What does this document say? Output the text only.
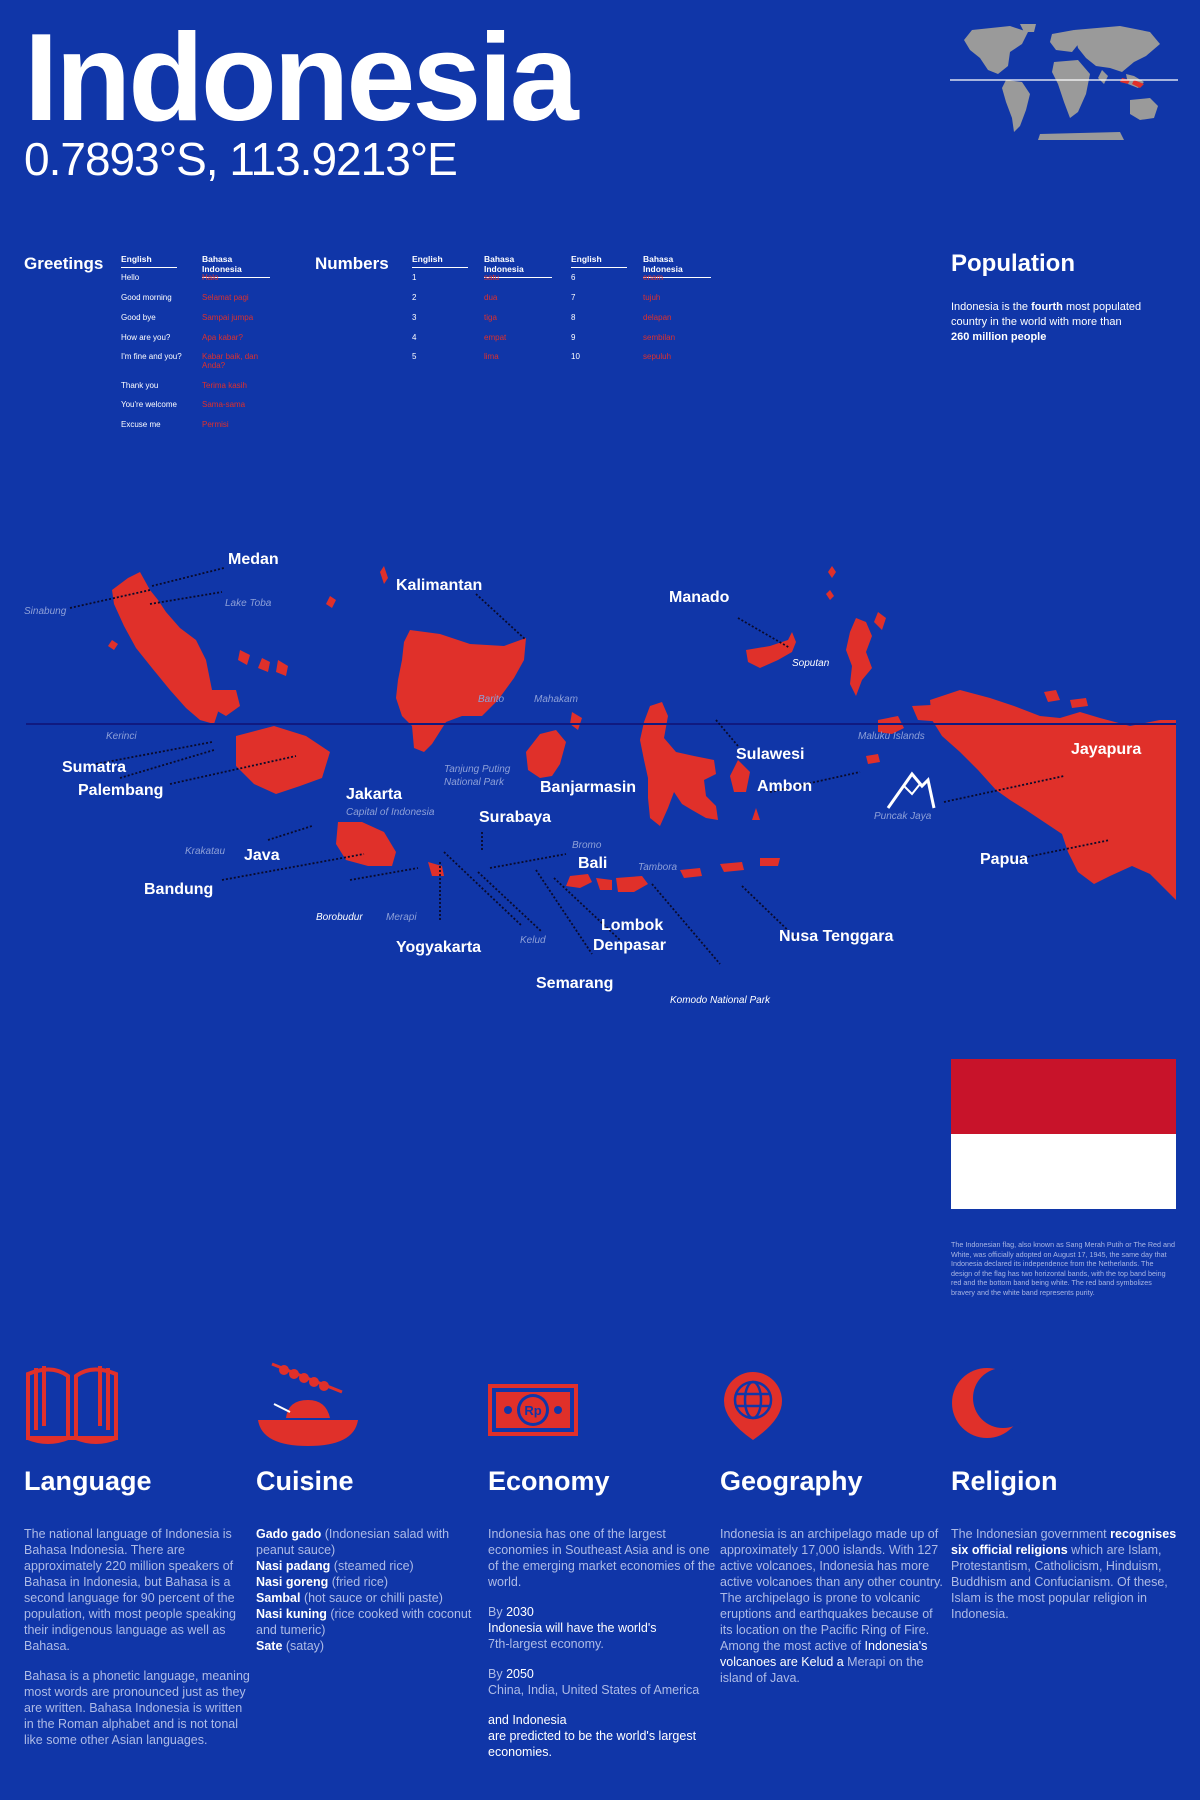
Indonesia
0.7893°S, 113.9213°E
Greetings English	Bahasa Indonesia
Hello	Halo
Good morning	Selamat pagi
Good bye	Sampai jumpa
How are you?	Apa kabar?
I'm fine and you?	Kabar baik, dan Anda?
Thank you	Terima kasih
You're welcome	Sama-sama
Excuse me	Permisi
Numbers	English	Bahasa Indonesia
English	Bahasa Indonesia
1	satu
2	dua
3	tiga
4	empat
5	lima
6	enam
7	tujuh
8	delapan
9	sembilan
10	sepuluh
Population
Indonesia is the fourth most populated country in the world with more than
260 million people
Medan
Kalimantan
Manado
Sumatra
Palembang	Jakarta	Banjarmasin
Sulawesi	Jayapura
Ambon
Surabaya
Java
Bandung
Bali	Papua
Lombok
Denpasar
Nusa Tenggara
Yogyakarta
Semarang
Sinabung
Lake Toba
Barito	Mahakam
Soputan
Kerinci	Maluku Islands
Tanjung Puting
National Park
Capital of Indonesia	Puncak Jaya
Krakatau
Bromo
Tambora
Borobudur Merapi
Kelud
Komodo National Park
The Indonesian flag, also known as Sang Merah Putih or The Red and White, was officially adopted on August 17, 1945, the same day that Indonesia declared its independence from the Netherlands. The design of the flag has two horizontal bands, with the top band being red and the bottom band being white. The red band symbolizes bravery and the white band represents purity.
Rp
Language	Cuisine	Economy	Geography	Religion

The national language of Indonesia is Bahasa Indonesia. There are approximately 220 million speakers of Bahasa in Indonesia, but Bahasa is a second language for 90 percent of the population, with most people speaking their indigenous language as well as Bahasa.

Bahasa is a phonetic language, meaning most words are pronounced just as they are written. Bahasa Indonesia is written in the Roman alphabet and is not tonal like some other Asian languages.

Gado gado (Indonesian salad with peanut sauce)
Nasi padang (steamed rice)
Nasi goreng (fried rice)
Sambal (hot sauce or chilli paste)
Nasi kuning (rice cooked with coconut and tumeric)
Sate (satay)

Indonesia has one of the largest economies in Southeast Asia and is one of the emerging market economies of the world.

By 2030
Indonesia will have the world's
7th-largest economy.

By 2050
China, India, United States of America

and Indonesia
are predicted to be the world's largest economies.

Indonesia is an archipelago made up of approximately 17,000 islands. With 127 active volcanoes, Indonesia has more active volcanoes than any other country. The archipelago is prone to volcanic eruptions and earthquakes because of its location on the Pacific Ring of Fire. Among the most active of Indonesia's volcanoes are Kelud a Merapi on the island of Java.
The Indonesian government recognises six official religions which are Islam, Protestantism, Catholicism, Hinduism, Buddhism and Confucianism. Of these, Islam is the most popular religion in Indonesia.
